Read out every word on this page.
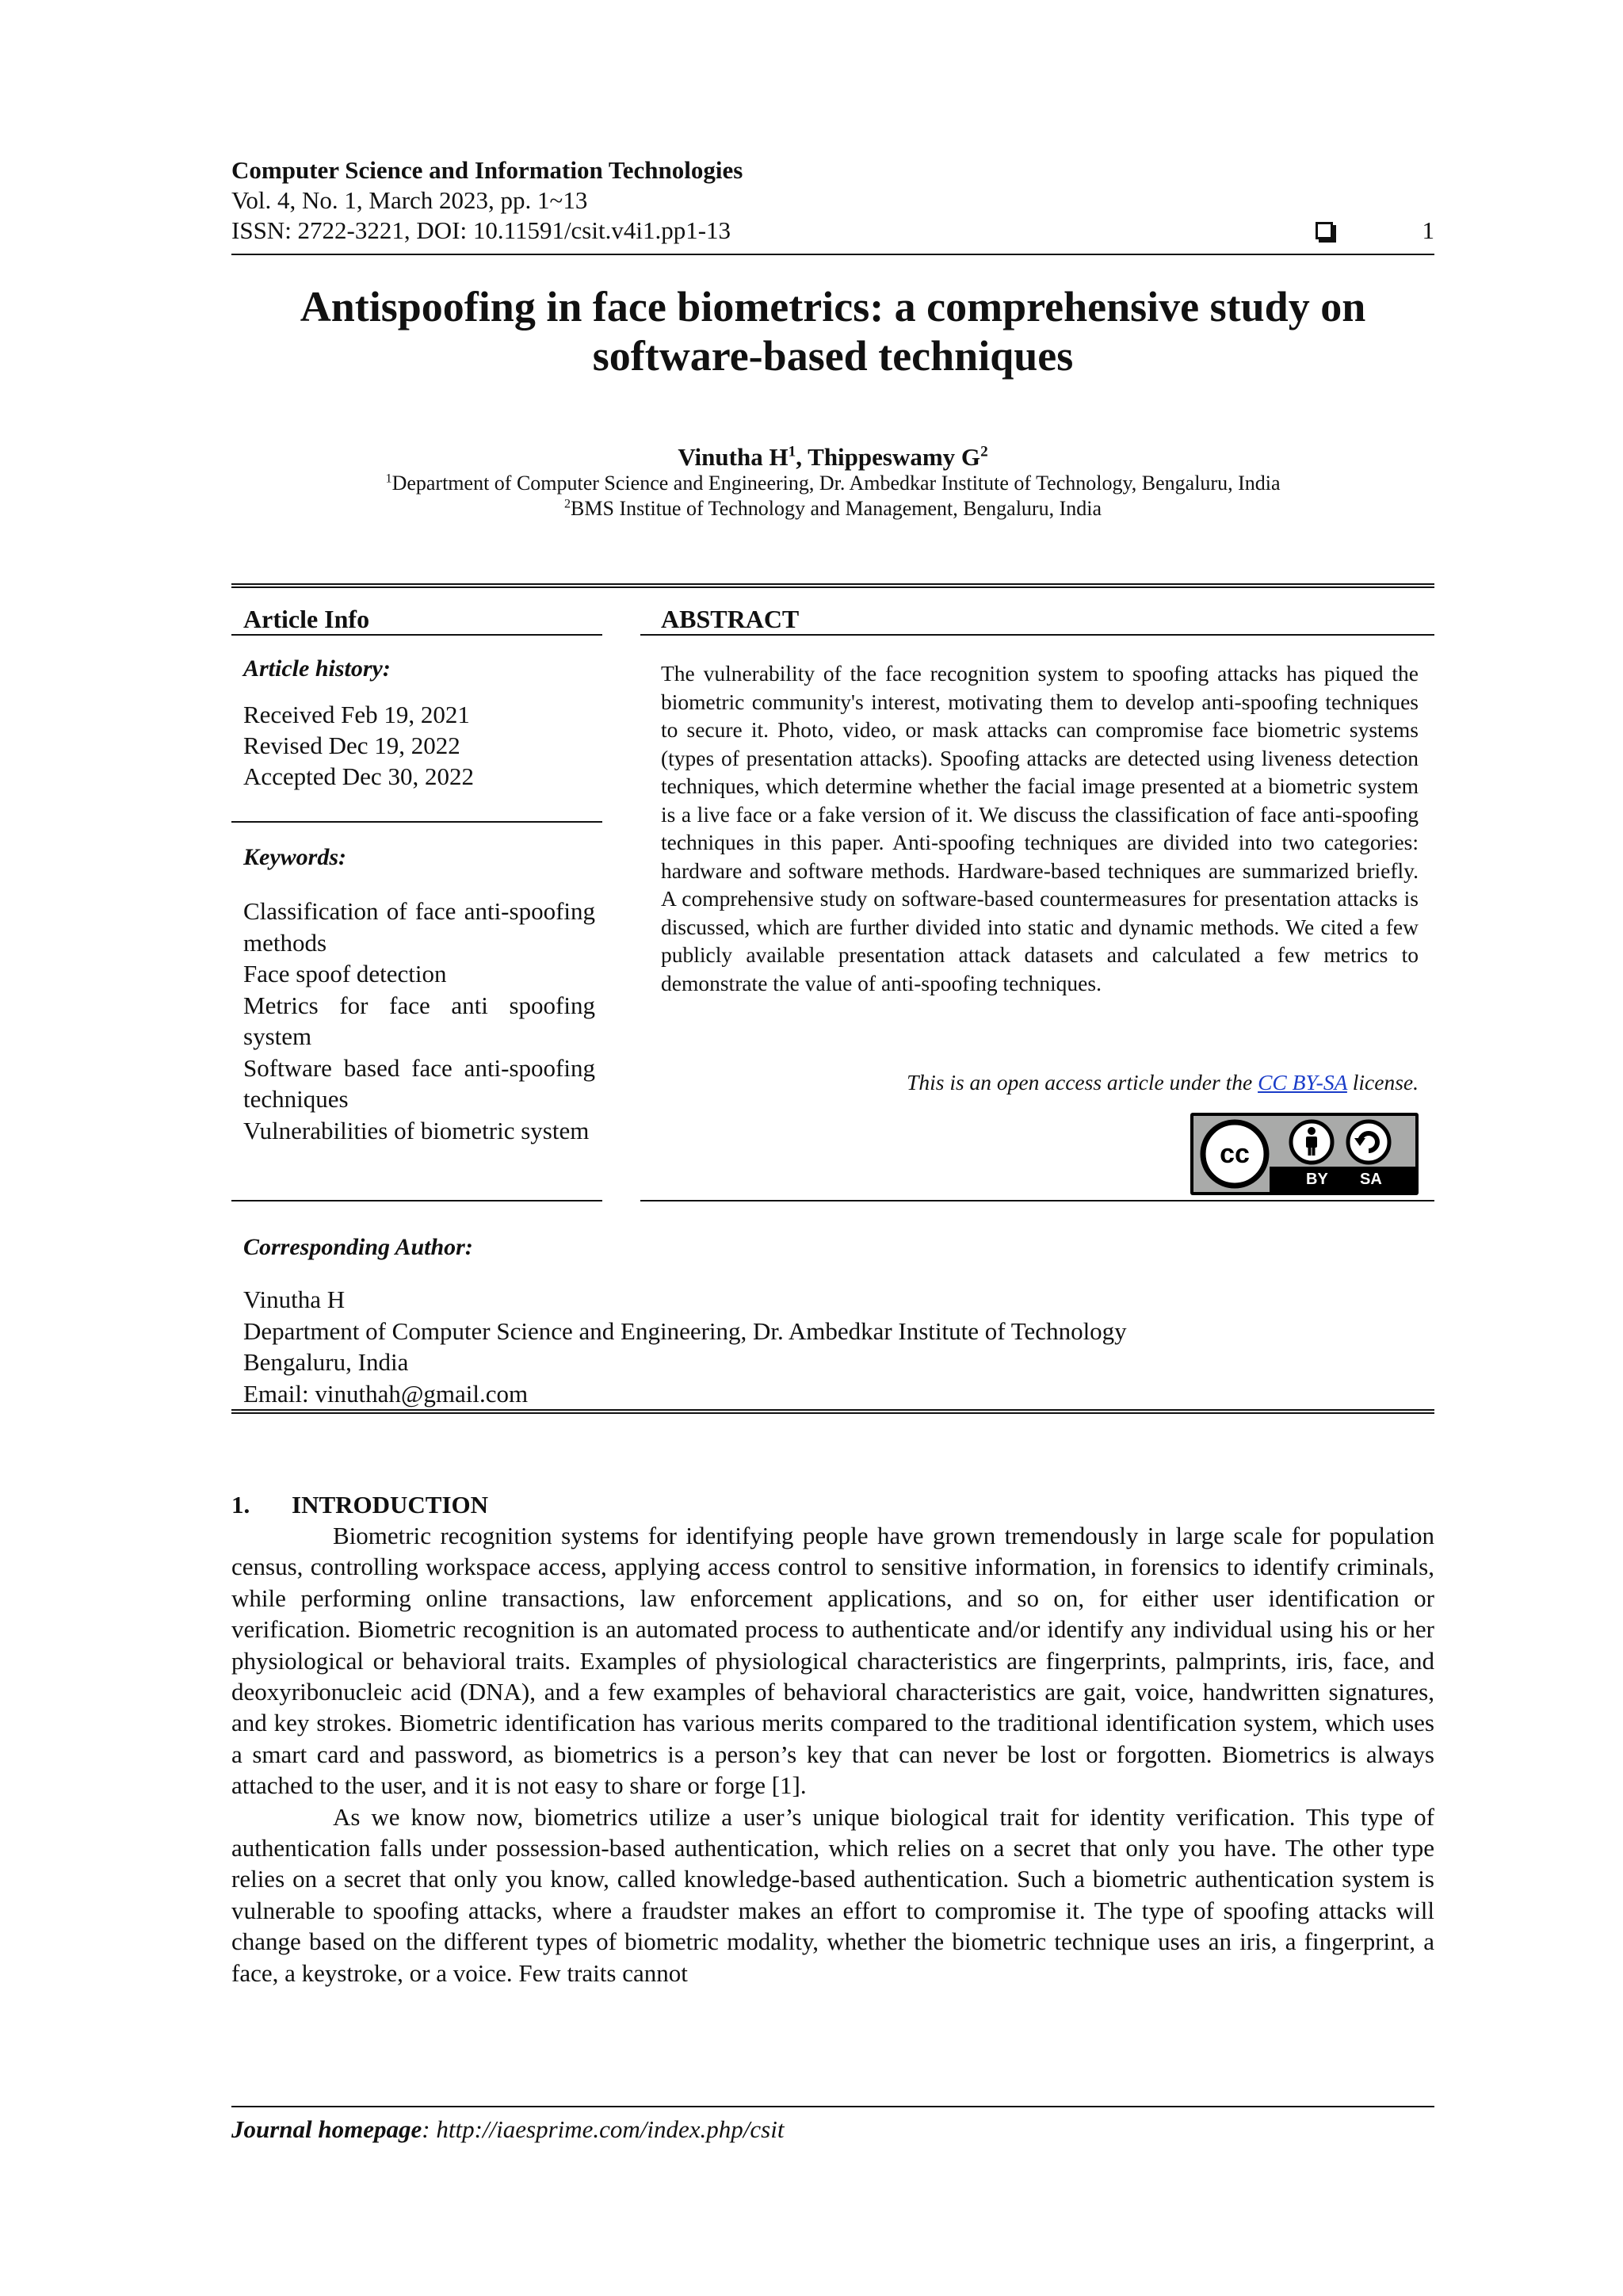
Computer Science and Information Technologies
Vol. 4, No. 1, March 2023, pp. 1~13
ISSN: 2722-3221, DOI: 10.11591/csit.v4i1.pp1-13	1
Antispoofing in face biometrics: a comprehensive study on software-based techniques
Vinutha $H^1$, Thippeswamy $G^2$
$^1$Department of Computer Science and Engineering, Dr. Ambedkar Institute of Technology, Bengaluru, India
$^2$BMS Institue of Technology and Management, Bengaluru, India
Article Info
Article history:
Received Feb 19, 2021
Revised Dec 19, 2022
Accepted Dec 30, 2022
Keywords:
Classification of face anti-spoofing methods
Face spoof detection
Metrics for face anti spoofing system
Software based face anti-spoofing techniques
Vulnerabilities of biometric system
ABSTRACT
The vulnerability of the face recognition system to spoofing attacks has piqued the biometric community's interest, motivating them to develop anti-spoofing techniques to secure it. Photo, video, or mask attacks can compromise face biometric systems (types of presentation attacks). Spoofing attacks are detected using liveness detection techniques, which determine whether the facial image presented at a biometric system is a live face or a fake version of it. We discuss the classification of face anti-spoofing techniques in this paper. Anti-spoofing techniques are divided into two categories: hardware and software methods. Hardware-based techniques are summarized briefly. A comprehensive study on software-based countermeasures for presentation attacks is discussed, which are further divided into static and dynamic methods. We cited a few publicly available presentation attack datasets and calculated a few metrics to demonstrate the value of anti-spoofing techniques.
This is an open access article under the CC BY-SA license.
cc
BY SA
Corresponding Author:
Vinutha H
Department of Computer Science and Engineering, Dr. Ambedkar Institute of Technology
Bengaluru, India
Email: vinuthah@gmail.com
1. INTRODUCTION

Biometric recognition systems for identifying people have grown tremendously in large scale for population census, controlling workspace access, applying access control to sensitive information, in forensics to identify criminals, while performing online transactions, law enforcement applications, and so on, for either user identification or verification. Biometric recognition is an automated process to authenticate and/or identify any individual using his or her physiological or behavioral traits. Examples of physiological characteristics are fingerprints, palmprints, iris, face, and deoxyribonucleic acid (DNA), and a few examples of behavioral characteristics are gait, voice, handwritten signatures, and key strokes. Biometric identification has various merits compared to the traditional identification system, which uses a smart card and password, as biometrics is a person’s key that can never be lost or forgotten. Biometrics is always attached to the user, and it is not easy to share or forge [1].

As we know now, biometrics utilize a user’s unique biological trait for identity verification. This type of authentication falls under possession-based authentication, which relies on a secret that only you have. The other type relies on a secret that only you know, called knowledge-based authentication. Such a biometric authentication system is vulnerable to spoofing attacks, where a fraudster makes an effort to compromise it. The type of spoofing attacks will change based on the different types of biometric modality, whether the biometric technique uses an iris, a fingerprint, a face, a keystroke, or a voice. Few traits cannot

Journal homepage: http://iaesprime.com/index.php/csit
